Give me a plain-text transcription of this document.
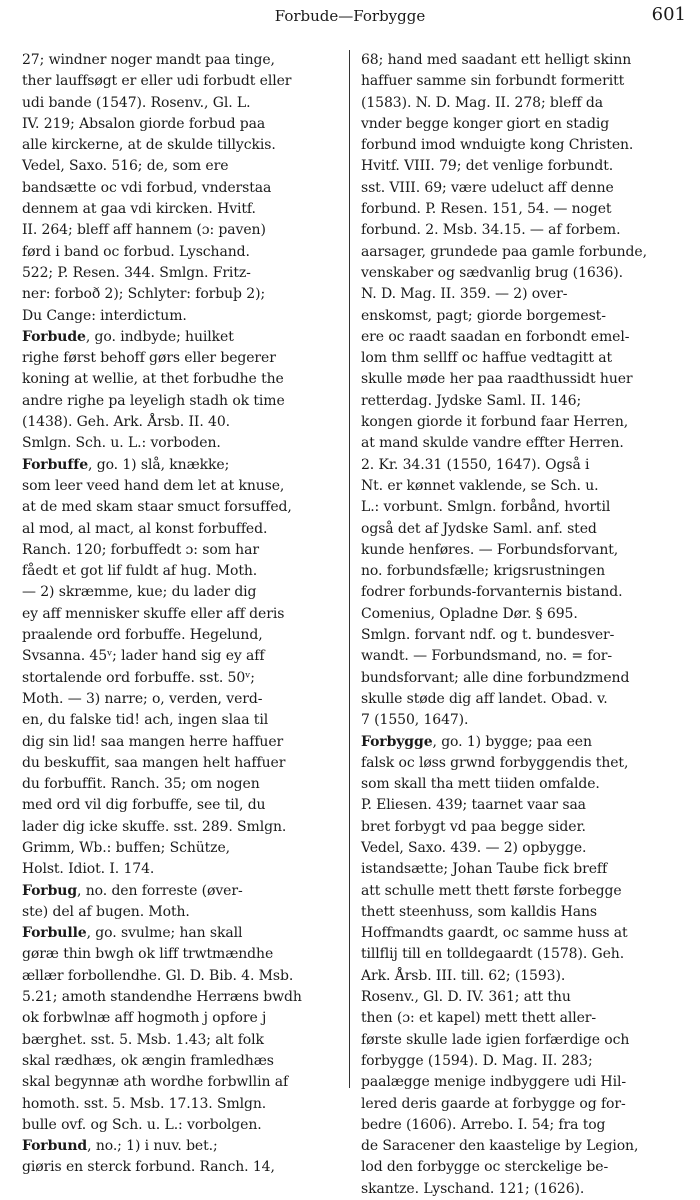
Forbude—Forbygge	601
27; windner noger mandt paa tinge,
ther lauffsøgt er eller udi forbudt eller
udi bande (1547). Rosenv., Gl. L.
IV. 219; Absalon giorde forbud paa
alle kirckerne, at de skulde tillyckis.
Vedel, Saxo. 516; de, som ere
bandsætte oc vdi forbud, vnderstaa
dennem at gaa vdi kircken. Hvitf.
II. 264; bleff aff hannem (ɔ: paven)
førd i band oc forbud. Lyschand.
522; P. Resen. 344. Smlgn. Fritz-
ner: forboð 2); Schlyter: forbuþ 2);
Du Cange: interdictum.
Forbude, go. indbyde; huilket
righe først behoff gørs eller begerer
koning at wellie, at thet forbudhe the
andre righe pa leyeligh stadh ok time
(1438). Geh. Ark. Årsb. II. 40.
Smlgn. Sch. u. L.: vorboden.
Forbuffe, go. 1) slå, knække;
som leer veed hand dem let at knuse,
at de med skam staar smuct forsuffed,
al mod, al mact, al konst forbuffed.
Ranch. 120; forbuffedt ɔ: som har
fåedt et got lif fuldt af hug. Moth.
— 2) skræmme, kue; du lader dig
ey aff mennisker skuffe eller aff deris
praalende ord forbuffe. Hegelund,
Svsanna. 45ᵛ; lader hand sig ey aff
stortalende ord forbuffe. sst. 50ᵛ;
Moth. — 3) narre; o, verden, verd-
en, du falske tid! ach, ingen slaa til
dig sin lid! saa mangen herre haffuer
du beskuffit, saa mangen helt haffuer
du forbuffit. Ranch. 35; om nogen
med ord vil dig forbuffe, see til, du
lader dig icke skuffe. sst. 289. Smlgn.
Grimm, Wb.: buffen; Schütze,
Holst. Idiot. I. 174.
Forbug, no. den forreste (øver-
ste) del af bugen. Moth.
Forbulle, go. svulme; han skall
gøræ thin bwgh ok liff trwtmændhe
ællær forbollendhe. Gl. D. Bib. 4. Msb.
5.21; amoth standendhe Herræns bwdh
ok forbwlnæ aff hogmoth j opfore j
bærghet. sst. 5. Msb. 1.43; alt folk
skal rædhæs, ok ængin framledhæs
skal begynnæ ath wordhe forbwllin af
homoth. sst. 5. Msb. 17.13. Smlgn.
bulle ovf. og Sch. u. L.: vorbolgen.
Forbund, no.; 1) i nuv. bet.;
giøris en sterck forbund. Ranch. 14,
68; hand med saadant ett helligt skinn
haffuer samme sin forbundt formeritt
(1583). N. D. Mag. II. 278; bleff da
vnder begge konger giort en stadig
forbund imod wnduigte kong Christen.
Hvitf. VIII. 79; det venlige forbundt.
sst. VIII. 69; være udeluct aff denne
forbund. P. Resen. 151, 54. — noget
forbund. 2. Msb. 34.15. — af forbem.
aarsager, grundede paa gamle forbunde,
venskaber og sædvanlig brug (1636).
N. D. Mag. II. 359. — 2) over-
enskomst, pagt; giorde borgemest-
ere oc raadt saadan en forbondt emel-
lom thm sellff oc haffue vedtagitt at
skulle møde her paa raadthussidt huer
retterdag. Jydske Saml. II. 146;
kongen giorde it forbund faar Herren,
at mand skulde vandre effter Herren.
2. Kr. 34.31 (1550, 1647). Også i
Nt. er kønnet vaklende, se Sch. u.
L.: vorbunt. Smlgn. forbånd, hvortil
også det af Jydske Saml. anf. sted
kunde henføres. — Forbundsforvant,
no. forbundsfælle; krigsrustningen
fodrer forbunds-forvanternis bistand.
Comenius, Opladne Dør. § 695.
Smlgn. forvant ndf. og t. bundesver-
wandt. — Forbundsmand, no. = for-
bundsforvant; alle dine forbundzmend
skulle støde dig aff landet. Obad. v.
7 (1550, 1647).
Forbygge, go. 1) bygge; paa een
falsk oc løss grwnd forbyggendis thet,
som skall tha mett tiiden omfalde.
P. Eliesen. 439; taarnet vaar saa
bret forbygt vd paa begge sider.
Vedel, Saxo. 439. — 2) opbygge.
istandsætte; Johan Taube fick breff
att schulle mett thett første forbegge
thett steenhuss, som kalldis Hans
Hoffmandts gaardt, oc samme huss at
tillflij till en tolldegaardt (1578). Geh.
Ark. Årsb. III. till. 62; (1593).
Rosenv., Gl. D. IV. 361; att thu
then (ɔ: et kapel) mett thett aller-
første skulle lade igien forfærdige och
forbygge (1594). D. Mag. II. 283;
paalægge menige indbyggere udi Hil-
lered deris gaarde at forbygge og for-
bedre (1606). Arrebo. I. 54; fra tog
de Saracener den kaastelige by Legion,
lod den forbygge oc sterckelige be-
skantze. Lyschand. 121; (1626).
